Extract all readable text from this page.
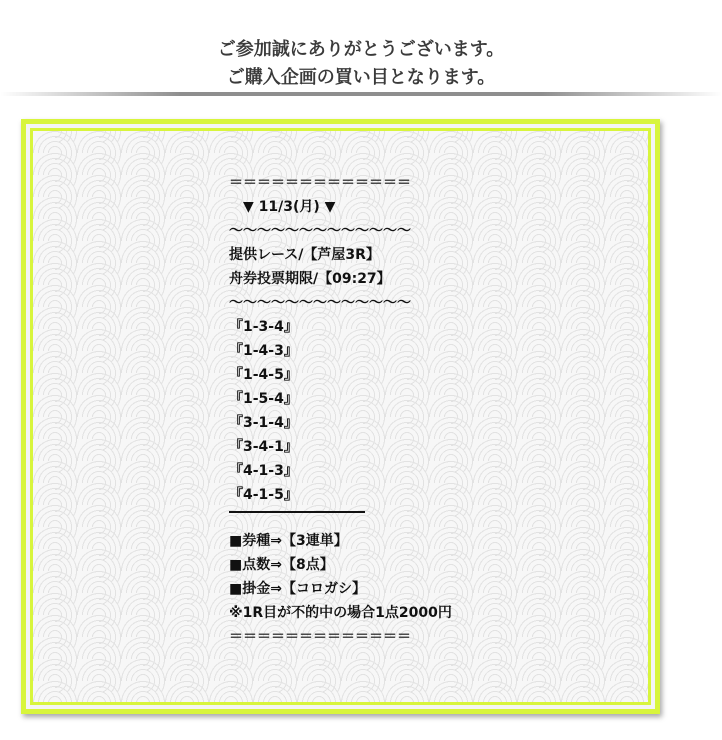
ご参加誠にありがとうございます。
ご購入企画の買い目となります。
＝＝＝＝＝＝＝＝＝＝＝＝＝
　▼ 11/3(月) ▼
〜〜〜〜〜〜〜〜〜〜〜〜〜
提供レース/【芦屋3R】
舟券投票期限/【09:27】
〜〜〜〜〜〜〜〜〜〜〜〜〜
『1-3-4』
『1-4-3』
『1-4-5』
『1-5-4』
『3-1-4』
『3-4-1』
『4-1-3』
『4-1-5』
■券種⇒【3連単】
■点数⇒【8点】
■掛金⇒【コロガシ】
※1R目が不的中の場合1点2000円
＝＝＝＝＝＝＝＝＝＝＝＝＝
